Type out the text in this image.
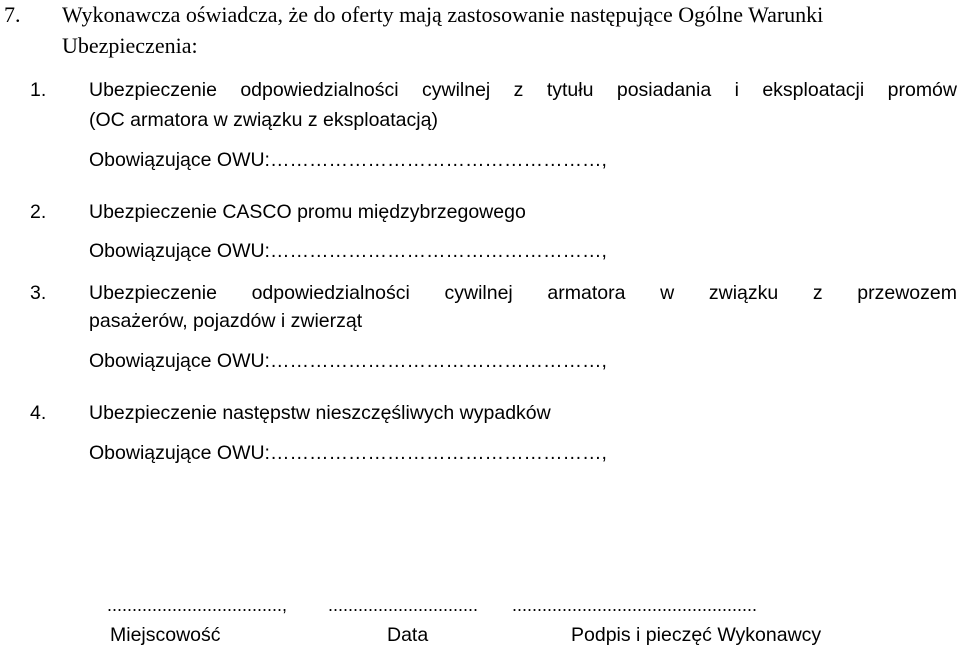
7. Wykonawcza oświadcza, że do oferty mają zastosowanie następujące Ogólne Warunki
Ubezpieczenia:
1. Ubezpieczenie odpowiedzialności cywilnej z tytułu posiadania i eksploatacji promów
(OC armatora w związku z eksploatacją)
Obowiązujące OWU:……………………………………………,
2. Ubezpieczenie CASCO promu międzybrzegowego
Obowiązujące OWU:……………………………………………,
3. Ubezpieczenie odpowiedzialności cywilnej armatora w związku z przewozem
pasażerów, pojazdów i zwierząt
Obowiązujące OWU:……………………………………………,
4. Ubezpieczenie następstw nieszczęśliwych wypadków
Obowiązujące OWU:……………………………………………,
..................................., .............................. .................................................
Miejscowość	Data	Podpis i pieczęć Wykonawcy
